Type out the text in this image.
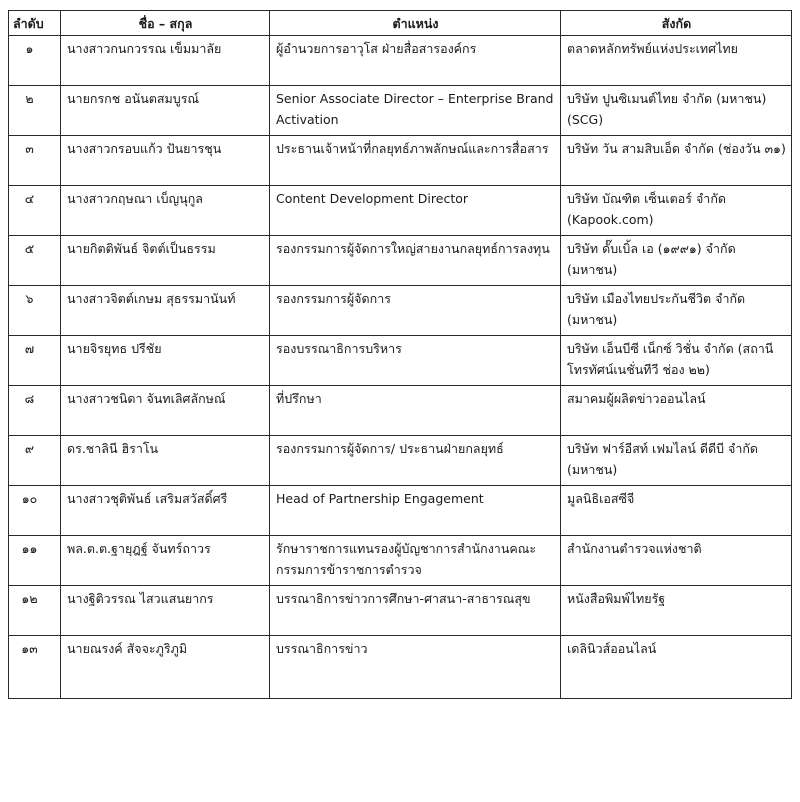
ลำดับ	ชื่อ – สกุล	ตำแหน่ง	สังกัด
๑	นางสาวกนกวรรณ เข็มมาลัย	ผู้อำนวยการอาวุโส ฝ่ายสื่อสารองค์กร	ตลาดหลักทรัพย์แห่งประเทศไทย
๒	นายกรกช อนันตสมบูรณ์	Senior Associate Director – Enterprise Brand Activation	บริษัท ปูนซิเมนต์ไทย จำกัด (มหาชน) (SCG)
๓	นางสาวกรอบแก้ว ปันยารชุน	ประธานเจ้าหน้าที่กลยุทธ์ภาพลักษณ์และการสื่อสาร	บริษัท วัน สามสิบเอ็ด จำกัด (ช่องวัน ๓๑)
๔	นางสาวกฤษณา เบ็ญนุกูล	Content Development Director	บริษัท บัณฑิต เซ็นเตอร์ จำกัด (Kapook.com)
๕	นายกิตติพันธ์ จิตต์เป็นธรรม	รองกรรมการผู้จัดการใหญ่สายงานกลยุทธ์การลงทุน	บริษัท ดั๊บเบิ้ล เอ (๑๙๙๑) จำกัด (มหาชน)
๖	นางสาวจิตต์เกษม สุธรรมานันท์	รองกรรมการผู้จัดการ	บริษัท เมืองไทยประกันชีวิต จำกัด (มหาชน)
๗	นายจิรยุทธ ปรีชัย	รองบรรณาธิการบริหาร	บริษัท เอ็นบีซี เน็กซ์ วิชั่น จำกัด (สถานีโทรทัศน์เนชั่นทีวี ช่อง ๒๒)
๘	นางสาวชนิดา จันทเลิศลักษณ์	ที่ปรึกษา	สมาคมผู้ผลิตข่าวออนไลน์
๙	ดร.ชาลินี ฮิราโน	รองกรรมการผู้จัดการ/ ประธานฝ่ายกลยุทธ์	บริษัท ฟาร์อีสท์ เฟมไลน์ ดีดีบี จำกัด (มหาชน)
๑๐	นางสาวชุติพันธ์ เสริมสวัสดิ์ศรี	Head of Partnership Engagement	มูลนิธิเอสซีจี
๑๑	พล.ต.ต.ฐายุฎฐ์ จันทร์ถาวร	รักษาราชการแทนรองผู้บัญชาการสำนักงานคณะกรรมการข้าราชการตำรวจ	สำนักงานตำรวจแห่งชาติ
๑๒	นางฐิติวรรณ ไสวแสนยากร	บรรณาธิการข่าวการศึกษา-ศาสนา-สาธารณสุข	หนังสือพิมพ์ไทยรัฐ
๑๓	นายณรงค์ สัจจะภูริภูมิ	บรรณาธิการข่าว	เดลินิวส์ออนไลน์
